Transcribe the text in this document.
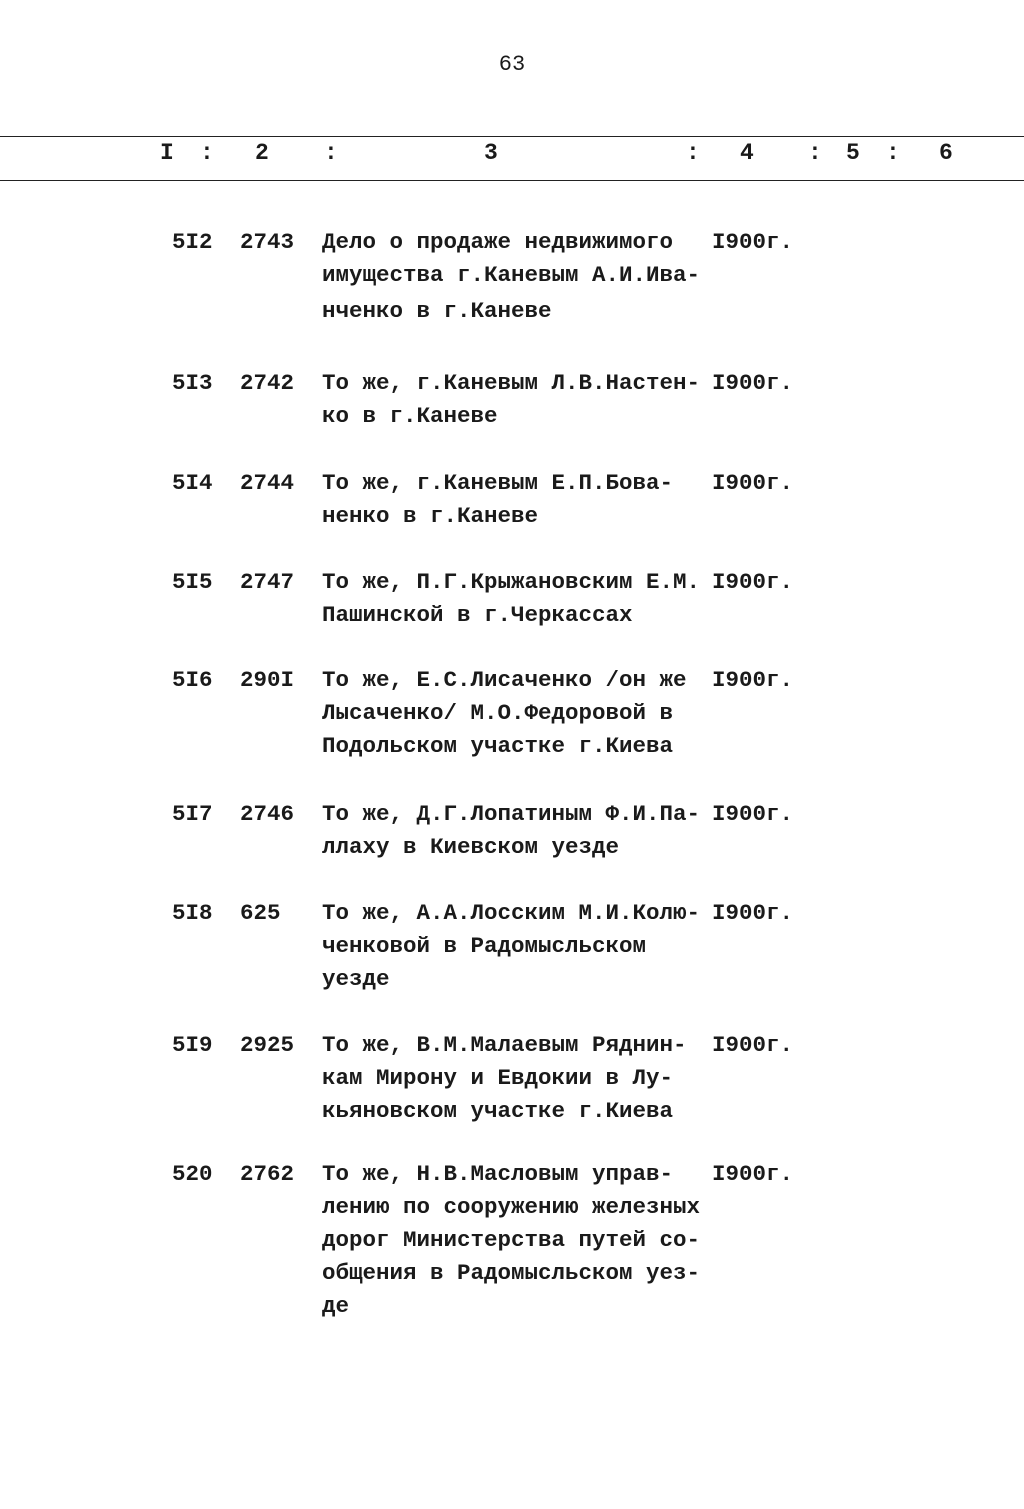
63
I : 2 :	3	: 4 : 5 : 6
5I2 2743 Дело о продаже недвижимого
имущества г.Каневым А.И.Ива-
нченко в г.Каневе
I900г.
5I3 2742 То же, г.Каневым Л.В.Настен-
ко в г.Каневе
I900г.
5I4 2744 То же, г.Каневым Е.П.Бова-
ненко в г.Каневе
I900г.
5I5 2747 То же, П.Г.Крыжановским Е.М.
Пашинской в г.Черкассах
I900г.
5I6 290I То же, Е.С.Лисаченко /он же
Лысаченко/ М.О.Федоровой в
Подольском участке г.Киева
I900г.
5I7 2746 То же, Д.Г.Лопатиным Ф.И.Па-
ллаху в Киевском уезде
I900г.
5I8 625 То же, А.А.Лосским М.И.Колю-
ченковой в Радомысльском
уезде
I900г.
5I9 2925 То же, В.М.Малаевым Ряднин-
кам Мирону и Евдокии в Лу-
кьяновском участке г.Киева
I900г.
520 2762 То же, Н.В.Масловым управ-
лению по сооружению железных
дорог Министерства путей со-
общения в Радомысльском уез-
де
I900г.
